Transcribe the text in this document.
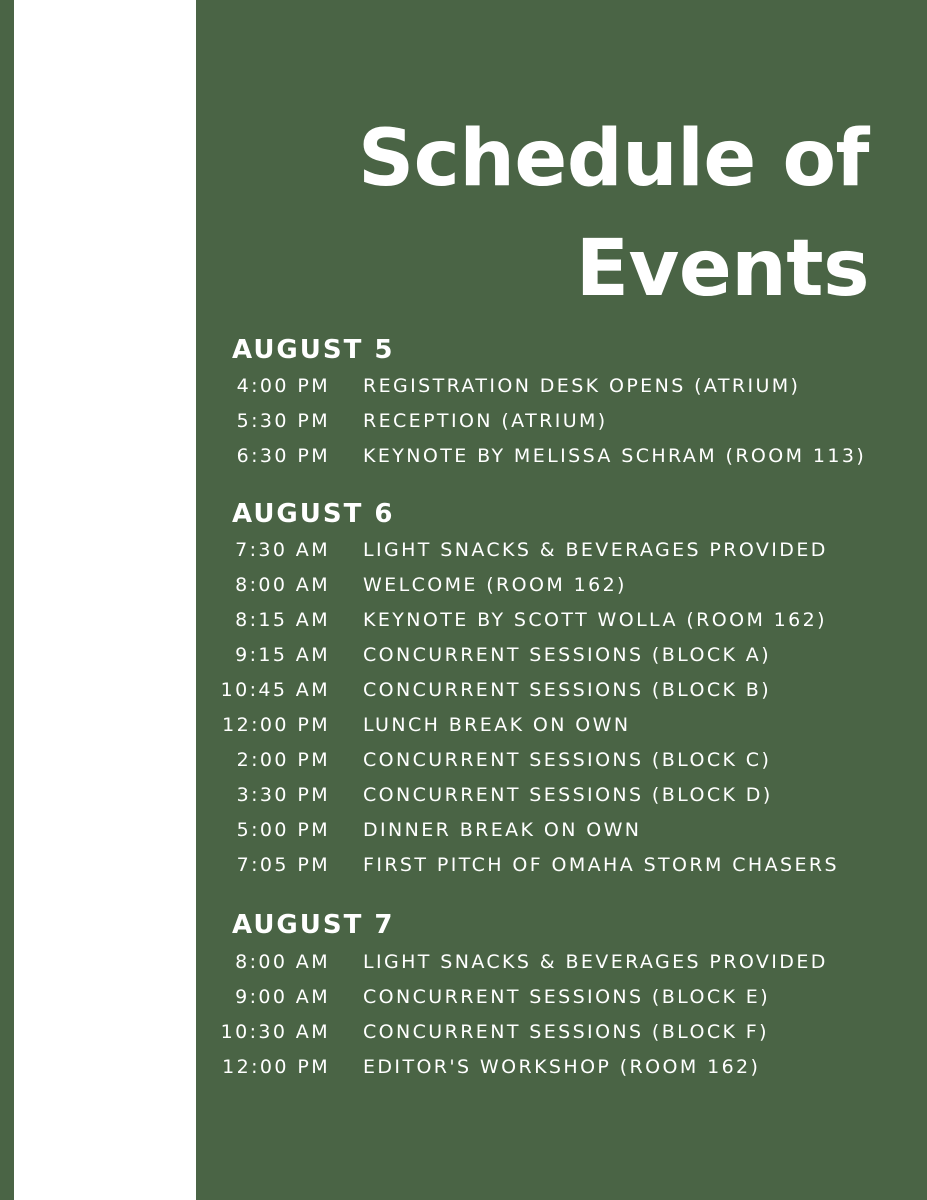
Schedule of
Events
AUGUST 5
4:00 PM REGISTRATION DESK OPENS (ATRIUM)
5:30 PM RECEPTION (ATRIUM)
6:30 PM KEYNOTE BY MELISSA SCHRAM (ROOM 113)
AUGUST 6
7:30 AM LIGHT SNACKS & BEVERAGES PROVIDED
8:00 AM WELCOME (ROOM 162)
8:15 AM KEYNOTE BY SCOTT WOLLA (ROOM 162)
9:15 AM CONCURRENT SESSIONS (BLOCK A)
10:45 AM CONCURRENT SESSIONS (BLOCK B)
12:00 PM LUNCH BREAK ON OWN
2:00 PM CONCURRENT SESSIONS (BLOCK C)
3:30 PM CONCURRENT SESSIONS (BLOCK D)
5:00 PM DINNER BREAK ON OWN
7:05 PM FIRST PITCH OF OMAHA STORM CHASERS
AUGUST 7
8:00 AM LIGHT SNACKS & BEVERAGES PROVIDED
9:00 AM CONCURRENT SESSIONS (BLOCK E)
10:30 AM CONCURRENT SESSIONS (BLOCK F)
12:00 PM EDITOR'S WORKSHOP (ROOM 162)
